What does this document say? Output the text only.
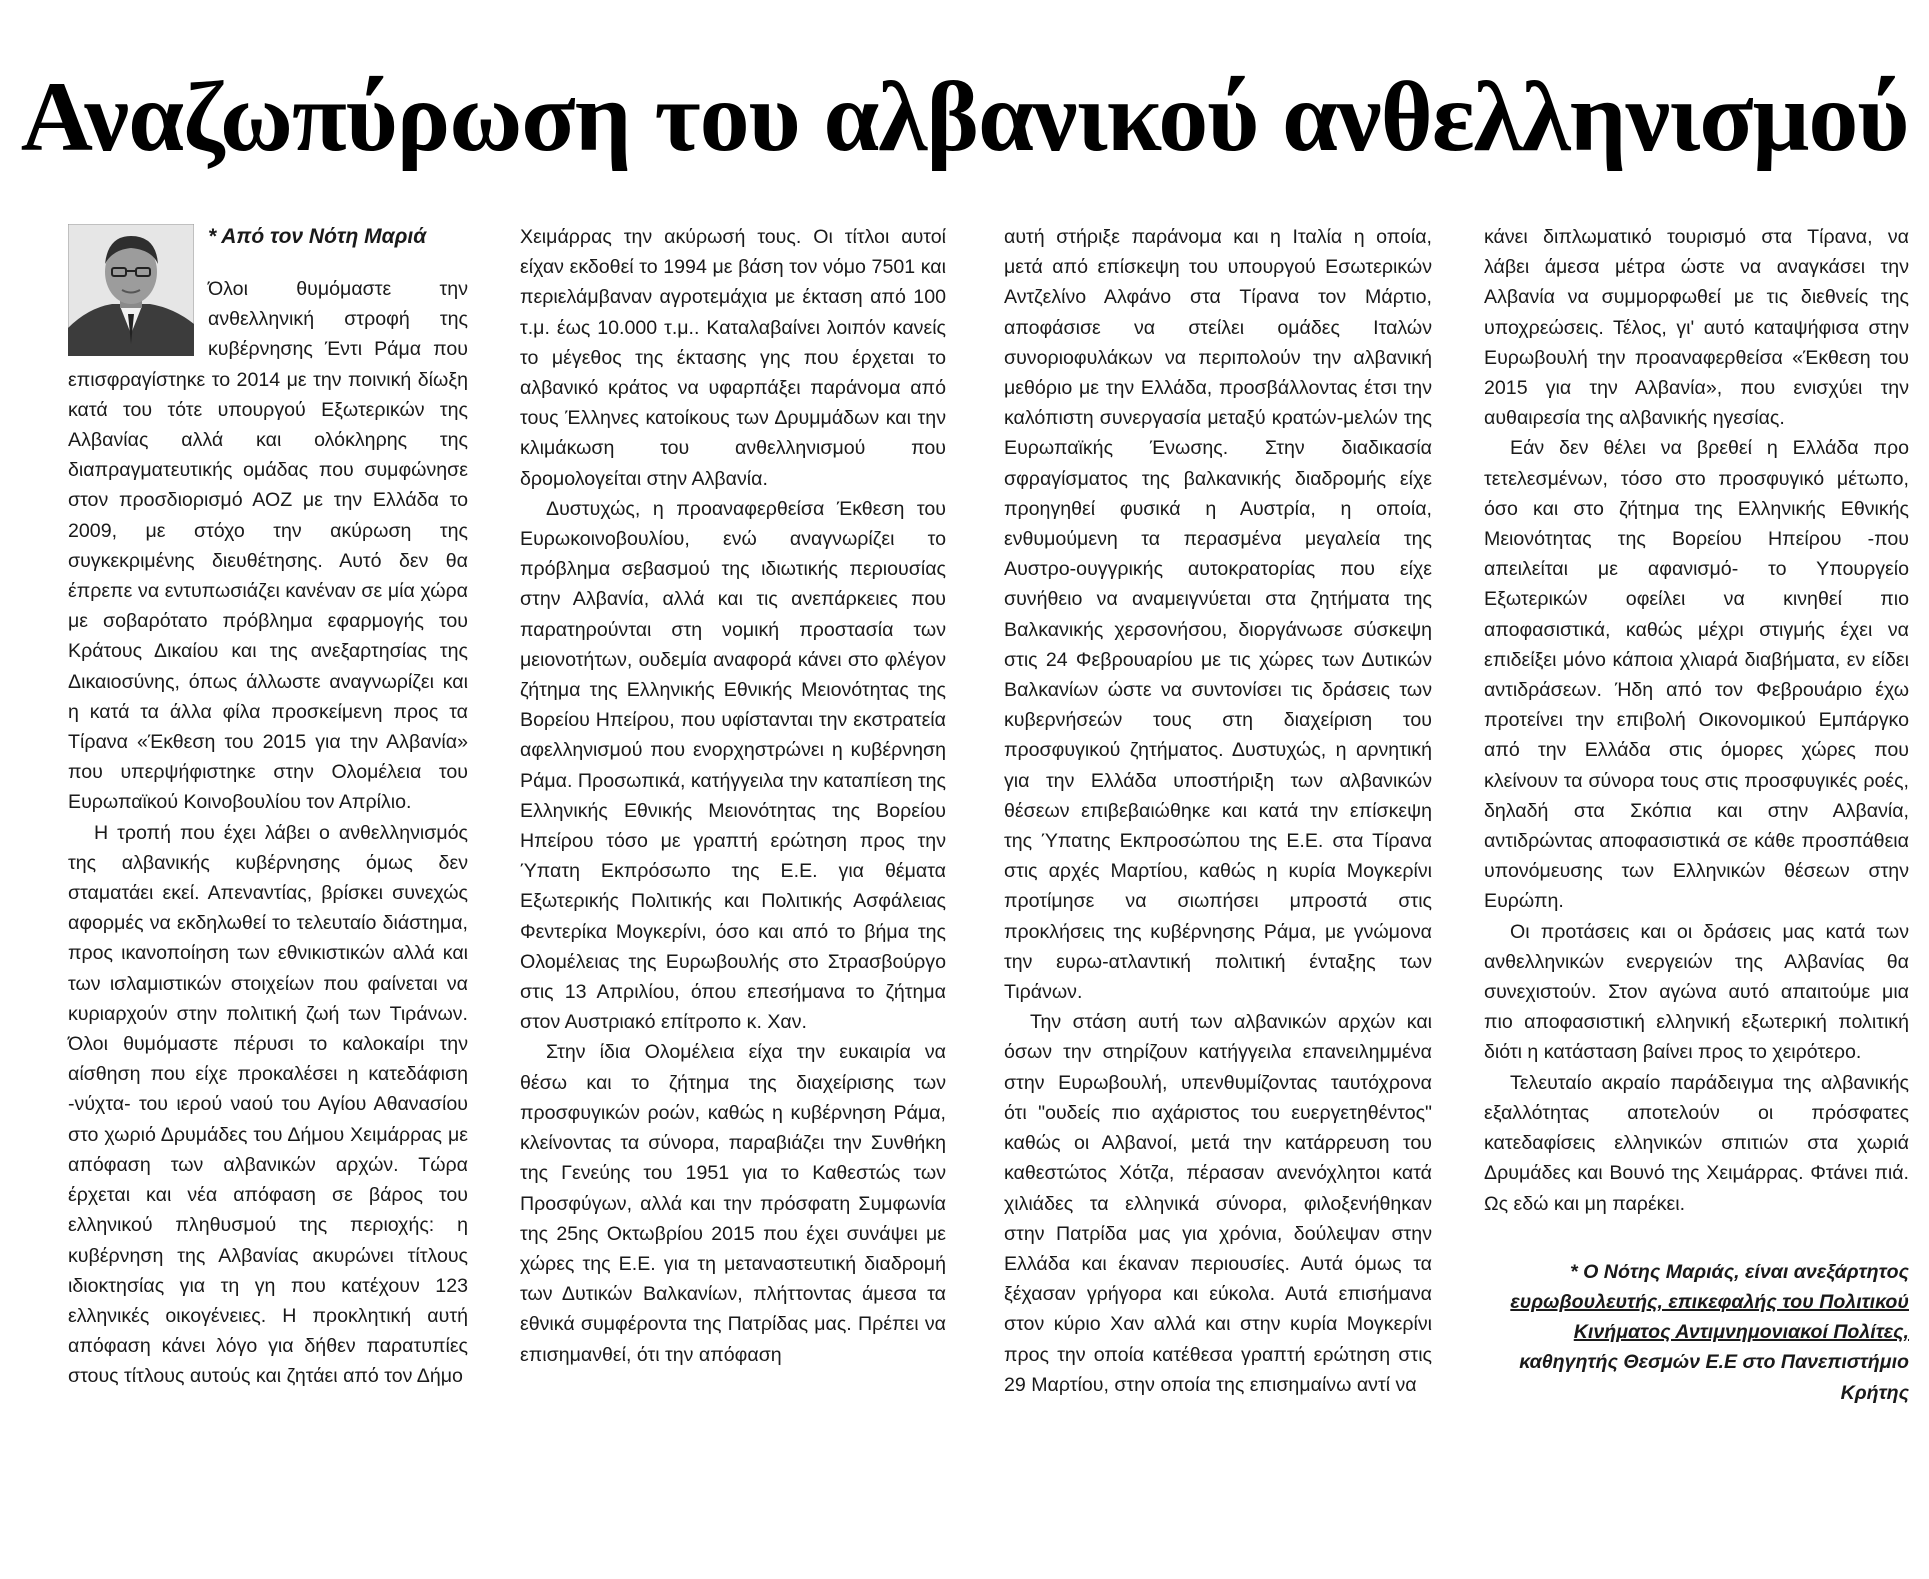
Αναζωπύρωση του αλβανικού ανθελληνισμού
* Από τον Νότη Μαριά

Όλοι θυμόμαστε την ανθελληνική στροφή της κυβέρνησης Έντι Ράμα που επισφραγίστηκε το 2014 με την ποινική δίωξη κατά του τότε υπουργού Εξωτερικών της Αλβανίας αλλά και ολόκληρης της διαπραγματευτικής ομάδας που συμφώνησε στον προσδιορισμό ΑΟΖ με την Ελλάδα το 2009, με στόχο την ακύρωση της συγκεκριμένης διευθέτησης. Αυτό δεν θα έπρεπε να εντυπωσιάζει κανέναν σε μία χώρα με σοβαρότατο πρόβλημα εφαρμογής του Κράτους Δικαίου και της ανεξαρτησίας της Δικαιοσύνης, όπως άλλωστε αναγνωρίζει και η κατά τα άλλα φίλα προσκείμενη προς τα Τίρανα «Έκθεση του 2015 για την Αλβανία» που υπερψήφιστηκε στην Ολομέλεια του Ευρωπαϊκού Κοινοβουλίου τον Απρίλιο.

Η τροπή που έχει λάβει ο ανθελληνισμός της αλβανικής κυβέρνησης όμως δεν σταματάει εκεί. Απεναντίας, βρίσκει συνεχώς αφορμές να εκδηλωθεί το τελευταίο διάστημα, προς ικανοποίηση των εθνικιστικών αλλά και των ισλαμιστικών στοιχείων που φαίνεται να κυριαρχούν στην πολιτική ζωή των Τιράνων. Όλοι θυμόμαστε πέρυσι το καλοκαίρι την αίσθηση που είχε προκαλέσει η κατεδάφιση -νύχτα- του ιερού ναού του Αγίου Αθανασίου στο χωριό Δρυμάδες του Δήμου Χειμάρρας με απόφαση των αλβανικών αρχών. Τώρα έρχεται και νέα απόφαση σε βάρος του ελληνικού πληθυσμού της περιοχής: η κυβέρνηση της Αλβανίας ακυρώνει τίτλους ιδιοκτησίας για τη γη που κατέχουν 123 ελληνικές οικογένειες. Η προκλητική αυτή απόφαση κάνει λόγο για δήθεν παρατυπίες στους τίτλους αυτούς και ζητάει από τον Δήμο

Χειμάρρας την ακύρωσή τους. Οι τίτλοι αυτοί είχαν εκδοθεί το 1994 με βάση τον νόμο 7501 και περιελάμβαναν αγροτεμάχια με έκταση από 100 τ.μ. έως 10.000 τ.μ.. Καταλαβαίνει λοιπόν κανείς το μέγεθος της έκτασης γης που έρχεται το αλβανικό κράτος να υφαρπάξει παράνομα από τους Έλληνες κατοίκους των Δρυμμάδων και την κλιμάκωση του ανθελληνισμού που δρομολογείται στην Αλβανία.

Δυστυχώς, η προαναφερθείσα Έκθεση του Ευρωκοινοβουλίου, ενώ αναγνωρίζει το πρόβλημα σεβασμού της ιδιωτικής περιουσίας στην Αλβανία, αλλά και τις ανεπάρκειες που παρατηρούνται στη νομική προστασία των μειονοτήτων, ουδεμία αναφορά κάνει στο φλέγον ζήτημα της Ελληνικής Εθνικής Μειονότητας της Βορείου Ηπείρου, που υφίστανται την εκστρατεία αφελληνισμού που ενορχηστρώνει η κυβέρνηση Ράμα. Προσωπικά, κατήγγειλα την καταπίεση της Ελληνικής Εθνικής Μειονότητας της Βορείου Ηπείρου τόσο με γραπτή ερώτηση προς την Ύπατη Εκπρόσωπο της Ε.Ε. για θέματα Εξωτερικής Πολιτικής και Πολιτικής Ασφάλειας Φεντερίκα Μογκερίνι, όσο και από το βήμα της Ολομέλειας της Ευρωβουλής στο Στρασβούργο στις 13 Απριλίου, όπου επεσήμανα το ζήτημα στον Αυστριακό επίτροπο κ. Χαν.

Στην ίδια Ολομέλεια είχα την ευκαιρία να θέσω και το ζήτημα της διαχείρισης των προσφυγικών ροών, καθώς η κυβέρνηση Ράμα, κλείνοντας τα σύνορα, παραβιάζει την Συνθήκη της Γενεύης του 1951 για το Καθεστώς των Προσφύγων, αλλά και την πρόσφατη Συμφωνία της 25ης Οκτωβρίου 2015 που έχει συνάψει με χώρες της Ε.Ε. για τη μεταναστευτική διαδρομή των Δυτικών Βαλκανίων, πλήττοντας άμεσα τα εθνικά συμφέροντα της Πατρίδας μας. Πρέπει να επισημανθεί, ότι την απόφαση

αυτή στήριξε παράνομα και η Ιταλία η οποία, μετά από επίσκεψη του υπουργού Εσωτερικών Αντζελίνο Αλφάνο στα Τίρανα τον Μάρτιο, αποφάσισε να στείλει ομάδες Ιταλών συνοριοφυλάκων να περιπολούν την αλβανική μεθόριο με την Ελλάδα, προσβάλλοντας έτσι την καλόπιστη συνεργασία μεταξύ κρατών-μελών της Ευρωπαϊκής Ένωσης. Στην διαδικασία σφραγίσματος της βαλκανικής διαδρομής είχε προηγηθεί φυσικά η Αυστρία, η οποία, ενθυμούμενη τα περασμένα μεγαλεία της Αυστρο-ουγγρικής αυτοκρατορίας που είχε συνήθειο να αναμειγνύεται στα ζητήματα της Βαλκανικής χερσονήσου, διοργάνωσε σύσκεψη στις 24 Φεβρουαρίου με τις χώρες των Δυτικών Βαλκανίων ώστε να συντονίσει τις δράσεις των κυβερνήσεών τους στη διαχείριση του προσφυγικού ζητήματος. Δυστυχώς, η αρνητική για την Ελλάδα υποστήριξη των αλβανικών θέσεων επιβεβαιώθηκε και κατά την επίσκεψη της Ύπατης Εκπροσώπου της Ε.Ε. στα Τίρανα στις αρχές Μαρτίου, καθώς η κυρία Μογκερίνι προτίμησε να σιωπήσει μπροστά στις προκλήσεις της κυβέρνησης Ράμα, με γνώμονα την ευρω-ατλαντική πολιτική ένταξης των Τιράνων.

Την στάση αυτή των αλβανικών αρχών και όσων την στηρίζουν κατήγγειλα επανειλημμένα στην Ευρωβουλή, υπενθυμίζοντας ταυτόχρονα ότι "ουδείς πιο αχάριστος του ευεργετηθέντος" καθώς οι Αλβανοί, μετά την κατάρρευση του καθεστώτος Χότζα, πέρασαν ανενόχλητοι κατά χιλιάδες τα ελληνικά σύνορα, φιλοξενήθηκαν στην Πατρίδα μας για χρόνια, δούλεψαν στην Ελλάδα και έκαναν περιουσίες. Αυτά όμως τα ξέχασαν γρήγορα και εύκολα. Αυτά επισήμανα στον κύριο Χαν αλλά και στην κυρία Μογκερίνι προς την οποία κατέθεσα γραπτή ερώτηση στις 29 Μαρτίου, στην οποία της επισημαίνω αντί να

κάνει διπλωματικό τουρισμό στα Τίρανα, να λάβει άμεσα μέτρα ώστε να αναγκάσει την Αλβανία να συμμορφωθεί με τις διεθνείς της υποχρεώσεις. Τέλος, γι' αυτό καταψήφισα στην Ευρωβουλή την προαναφερθείσα «Έκθεση του 2015 για την Αλβανία», που ενισχύει την αυθαιρεσία της αλβανικής ηγεσίας.

Εάν δεν θέλει να βρεθεί η Ελλάδα προ τετελεσμένων, τόσο στο προσφυγικό μέτωπο, όσο και στο ζήτημα της Ελληνικής Εθνικής Μειονότητας της Βορείου Ηπείρου -που απειλείται με αφανισμό- το Υπουργείο Εξωτερικών οφείλει να κινηθεί πιο αποφασιστικά, καθώς μέχρι στιγμής έχει να επιδείξει μόνο κάποια χλιαρά διαβήματα, εν είδει αντιδράσεων. Ήδη από τον Φεβρουάριο έχω προτείνει την επιβολή Οικονομικού Εμπάργκο από την Ελλάδα στις όμορες χώρες που κλείνουν τα σύνορα τους στις προσφυγικές ροές, δηλαδή στα Σκόπια και στην Αλβανία, αντιδρώντας αποφασιστικά σε κάθε προσπάθεια υπονόμευσης των Ελληνικών θέσεων στην Ευρώπη.

Οι προτάσεις και οι δράσεις μας κατά των ανθελληνικών ενεργειών της Αλβανίας θα συνεχιστούν. Στον αγώνα αυτό απαιτούμε μια πιο αποφασιστική ελληνική εξωτερική πολιτική διότι η κατάσταση βαίνει προς το χειρότερο.

Τελευταίο ακραίο παράδειγμα της αλβανικής εξαλλότητας αποτελούν οι πρόσφατες κατεδαφίσεις ελληνικών σπιτιών στα χωριά Δρυμάδες και Βουνό της Χειμάρρας. Φτάνει πιά. Ως εδώ και μη παρέκει.

* Ο Νότης Μαριάς, είναι ανεξάρτητος ευρωβουλευτής, επικεφαλής του Πολιτικού Κινήματος Αντιμνημονιακοί Πολίτες, καθηγητής Θεσμών Ε.Ε στο Πανεπιστήμιο Κρήτης
